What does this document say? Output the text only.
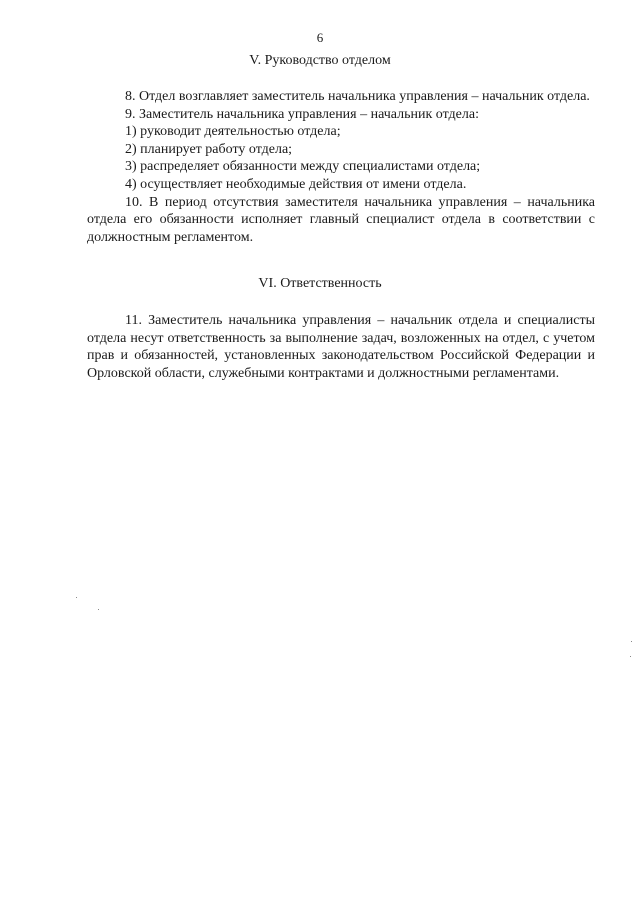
6
V. Руководство отделом

8. Отдел возглавляет заместитель начальника управления – начальник отдела.

9. Заместитель начальника управления – начальник отдела:

1) руководит деятельностью отдела;

2) планирует работу отдела;

3) распределяет обязанности между специалистами отдела;

4) осуществляет необходимые действия от имени отдела.

10. В период отсутствия заместителя начальника управления – начальника отдела его обязанности исполняет главный специалист отдела в соответствии с должностным регламентом.

VI. Ответственность

11. Заместитель начальника управления – начальник отдела и специалисты отдела несут ответственность за выполнение задач, возложенных на отдел, с учетом прав и обязанностей, установленных законодательством Российской Федерации и Орловской области, служебными контрактами и должностными регламентами.
